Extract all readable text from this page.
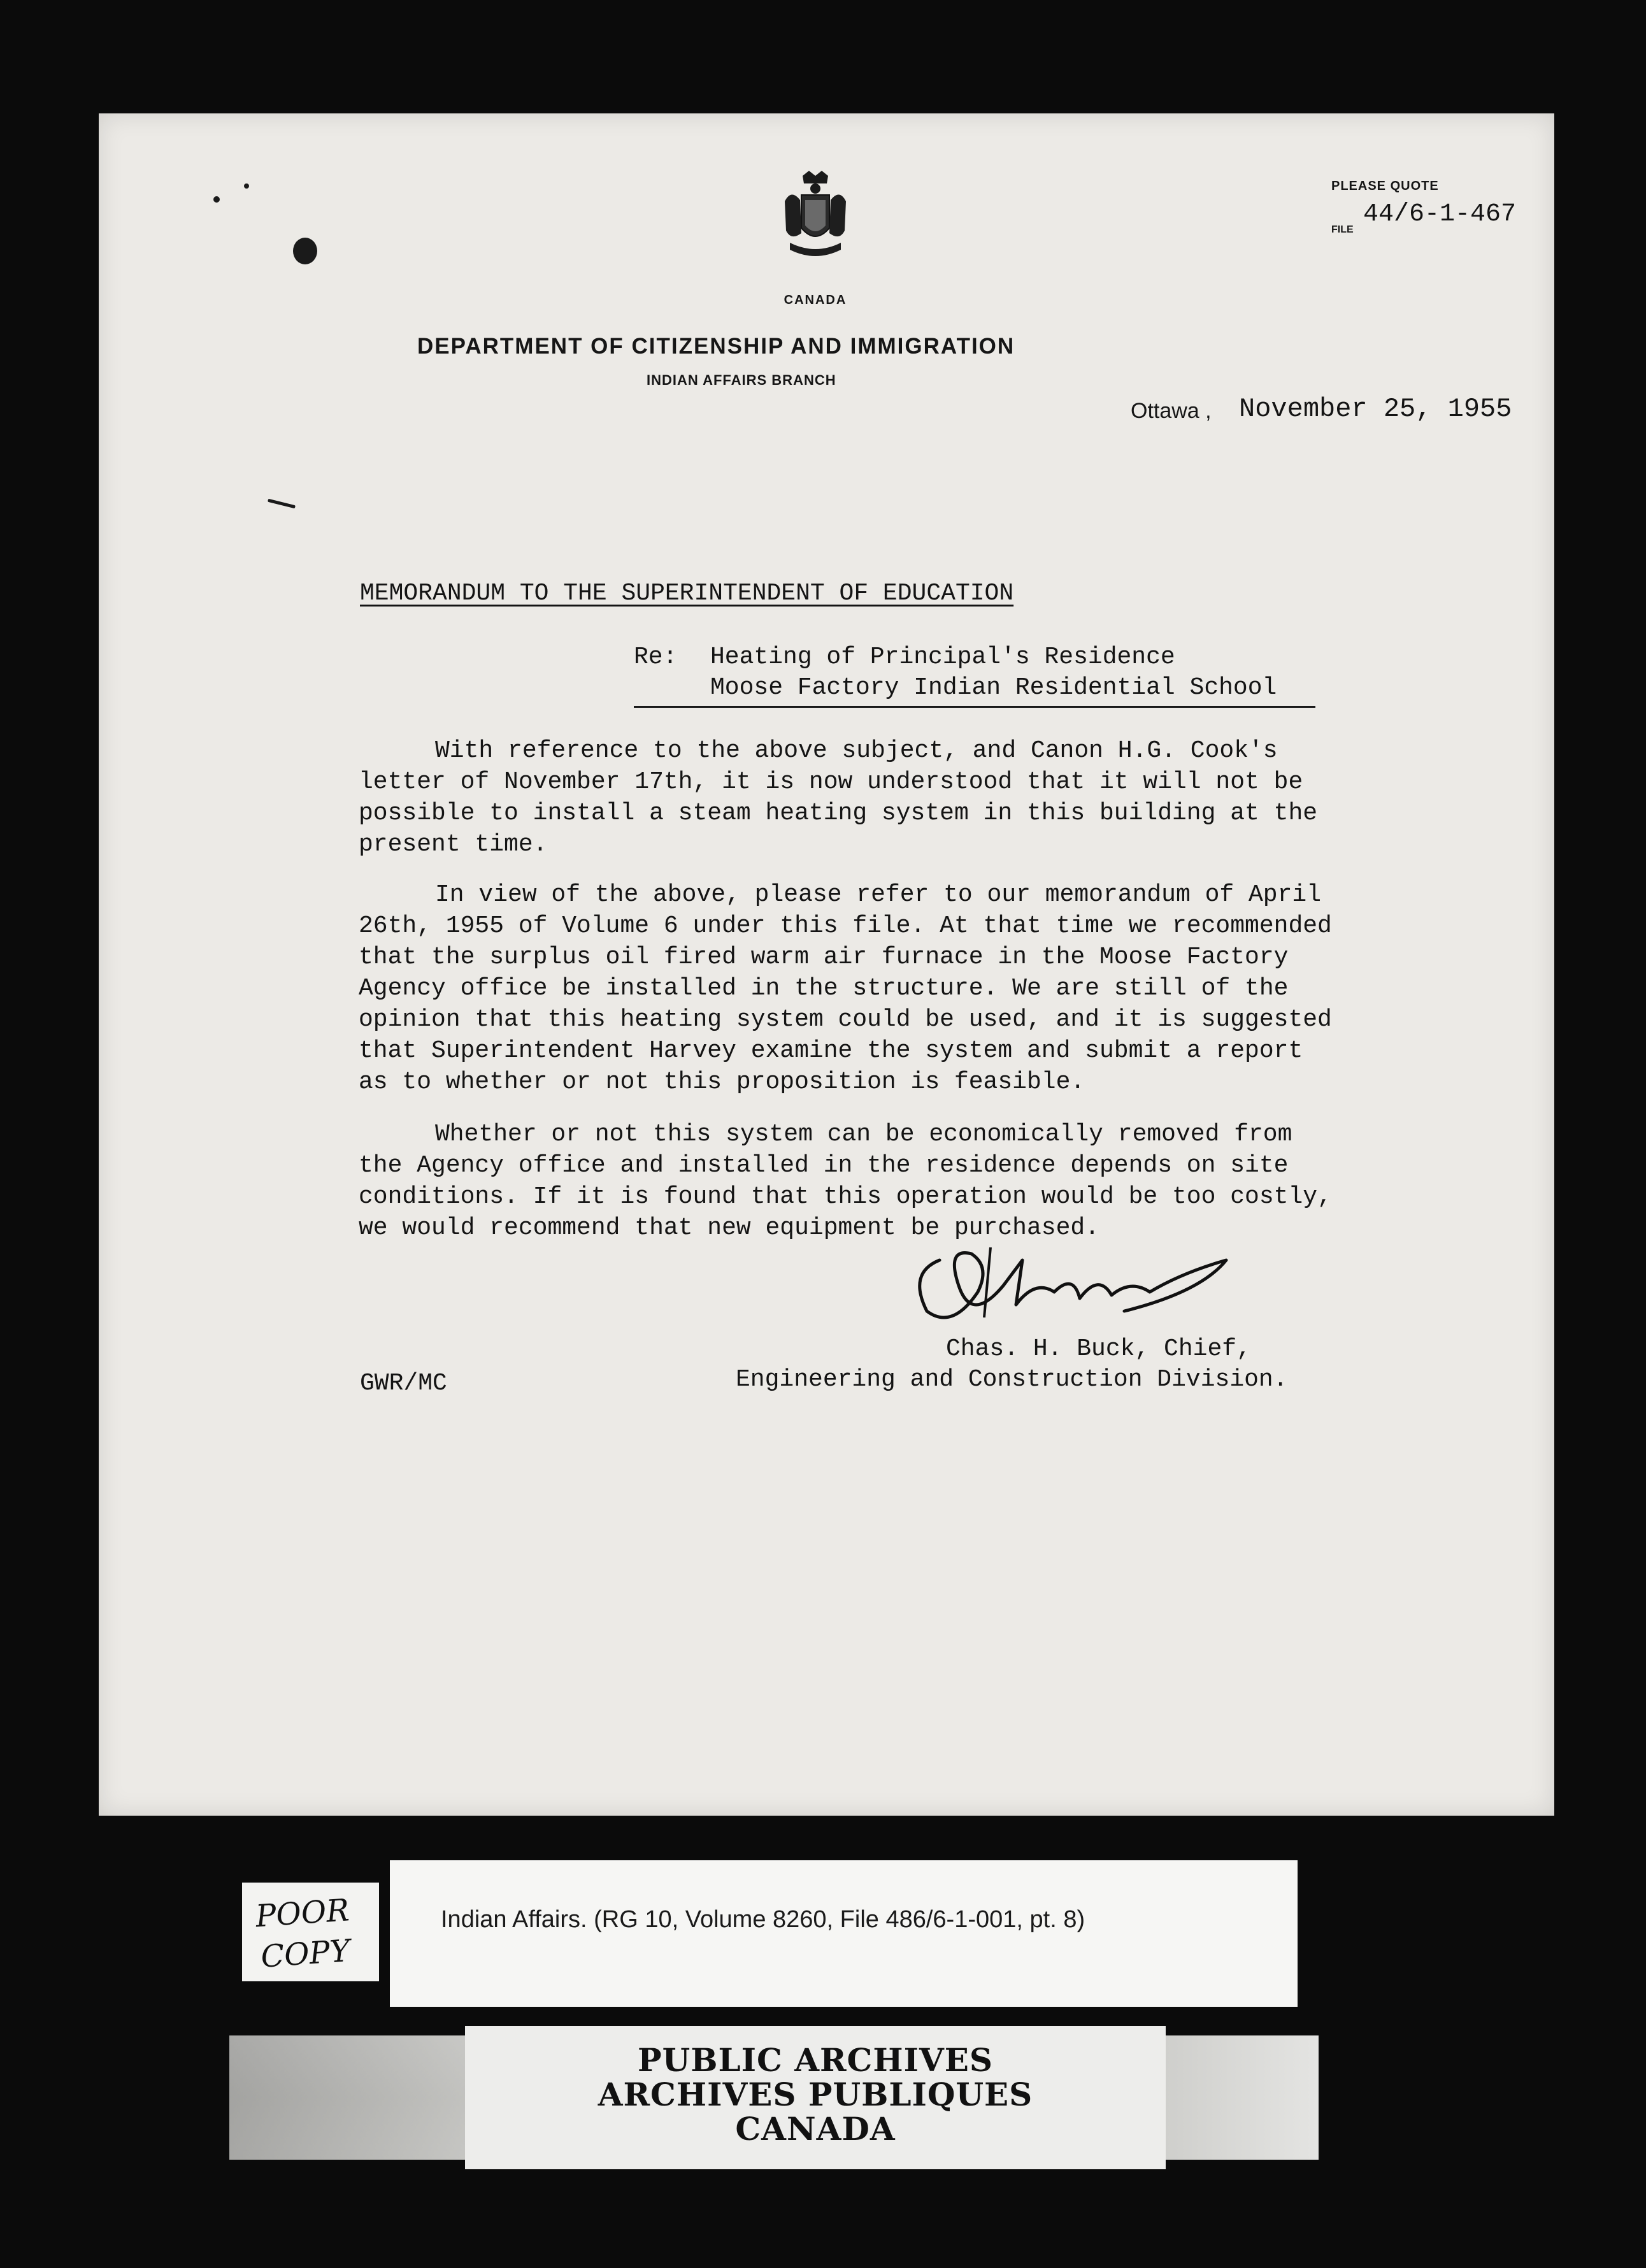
CANADA
DEPARTMENT OF CITIZENSHIP AND IMMIGRATION
INDIAN AFFAIRS BRANCH
PLEASE QUOTE
FILE
44/6-1-467
Ottawa , November 25, 1955
MEMORANDUM TO THE SUPERINTENDENT OF EDUCATION
Re: Heating of Principal's Residence
Moose Factory Indian Residential School
With reference to the above subject, and Canon H.G. Cook's
letter of November 17th, it is now understood that it will not be
possible to install a steam heating system in this building at the
present time.
In view of the above, please refer to our memorandum of April
26th, 1955 of Volume 6 under this file. At that time we recommended
that the surplus oil fired warm air furnace in the Moose Factory
Agency office be installed in the structure. We are still of the
opinion that this heating system could be used, and it is suggested
that Superintendent Harvey examine the system and submit a report
as to whether or not this proposition is feasible.
Whether or not this system can be economically removed from
the Agency office and installed in the residence depends on site
conditions. If it is found that this operation would be too costly,
we would recommend that new equipment be purchased.
Chas. H. Buck, Chief,
Engineering and Construction Division.
GWR/MC
POOR
COPY
Indian Affairs. (RG 10, Volume 8260, File 486/6-1-001, pt. 8)
PUBLIC ARCHIVES
ARCHIVES PUBLIQUES
CANADA
